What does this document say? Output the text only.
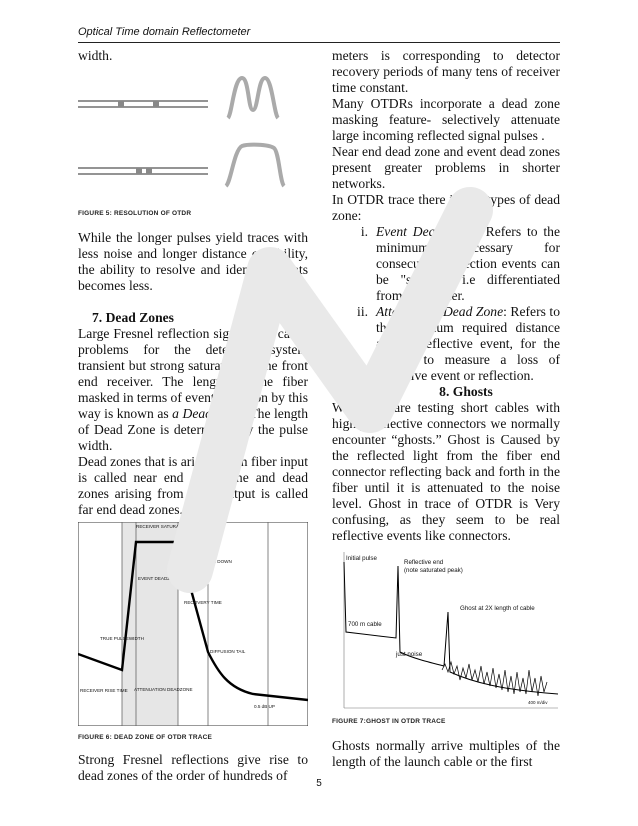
Optical Time domain Reflectometer

width.

FIGURE 5: RESOLUTION OF OTDR

While the longer pulses yield traces with less noise and longer distance capability, the ability to resolve and identify events becomes less.

7. Dead Zones

Large Fresnel reflection signals can cause problems for the detection system transient but strong saturation of the front end receiver. The length of the fiber masked in terms of event detection by this way is known as a Dead Zone. The length of Dead Zone is determined by the pulse width.

Dead zones that is arising from fiber input is called near end dead zone and dead zones arising from fiber output is called far end dead zones.

RECEIVER SATURATION
1.5dB DOWN
EVENT DEADZONE
RECOVERY TIME
TRUE PULSEWIDTH
DIFFUSION TAIL
ATTENUATION DEADZONE
RECEIVER RISE TIME
0.5 dB UP

FIGURE 6: DEAD ZONE OF OTDR TRACE

Strong Fresnel reflections give rise to dead zones of the order of hundreds of

meters is corresponding to detector recovery periods of many tens of receiver time constant.

Many OTDRs incorporate a dead zone masking feature- selectively attenuate large incoming reflected signal pulses .

Near end dead zone and event dead zones present greater problems in shorter networks.

In OTDR trace there is two types of dead zone:

i. Event Dead Zone: Refers to the minimum necessary for consecutive reflection events can be "solved", i.e differentiated from each other.
ii. Attenuation Dead Zone: Refers to the minimum required distance after a reflective event, for the OTDR to measure a loss of reflective event or reflection.

8. Ghosts

When we are testing short cables with highly reflective connectors we normally encounter “ghosts.” Ghost is Caused by the reflected light from the fiber end connector reflecting back and forth in the fiber until it is attenuated to the noise level. Ghost in trace of OTDR is Very confusing, as they seem to be real reflective events like connectors.

Initial pulse
Reflective end
(note saturated peak)
Ghost at 2X length of cable
700 m cable
just noise
400 m/div

FIGURE 7:GHOST IN OTDR TRACE

Ghosts normally arrive multiples of the length of the launch cable or the first

5
